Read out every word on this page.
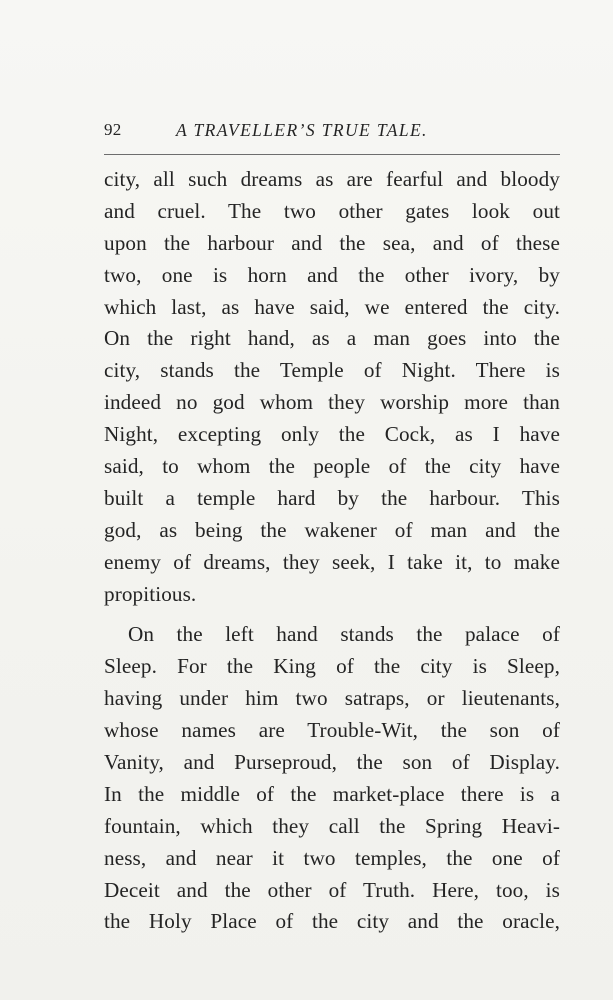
92	A TRAVELLER’S TRUE TALE.
city, all such dreams as are fearful and bloody
and cruel. The two other gates look out
upon the harbour and the sea, and of these
two, one is horn and the other ivory, by
which last, as have said, we entered the city.
On the right hand, as a man goes into the
city, stands the Temple of Night. There is
indeed no god whom they worship more than
Night, excepting only the Cock, as I have
said, to whom the people of the city have
built a temple hard by the harbour. This
god, as being the wakener of man and the
enemy of dreams, they seek, I take it, to make
propitious.
On the left hand stands the palace of
Sleep. For the King of the city is Sleep,
having under him two satraps, or lieutenants,
whose names are Trouble-Wit, the son of
Vanity, and Purseproud, the son of Display.
In the middle of the market-place there is a
fountain, which they call the Spring Heavi-
ness, and near it two temples, the one of
Deceit and the other of Truth. Here, too, is
the Holy Place of the city and the oracle,
